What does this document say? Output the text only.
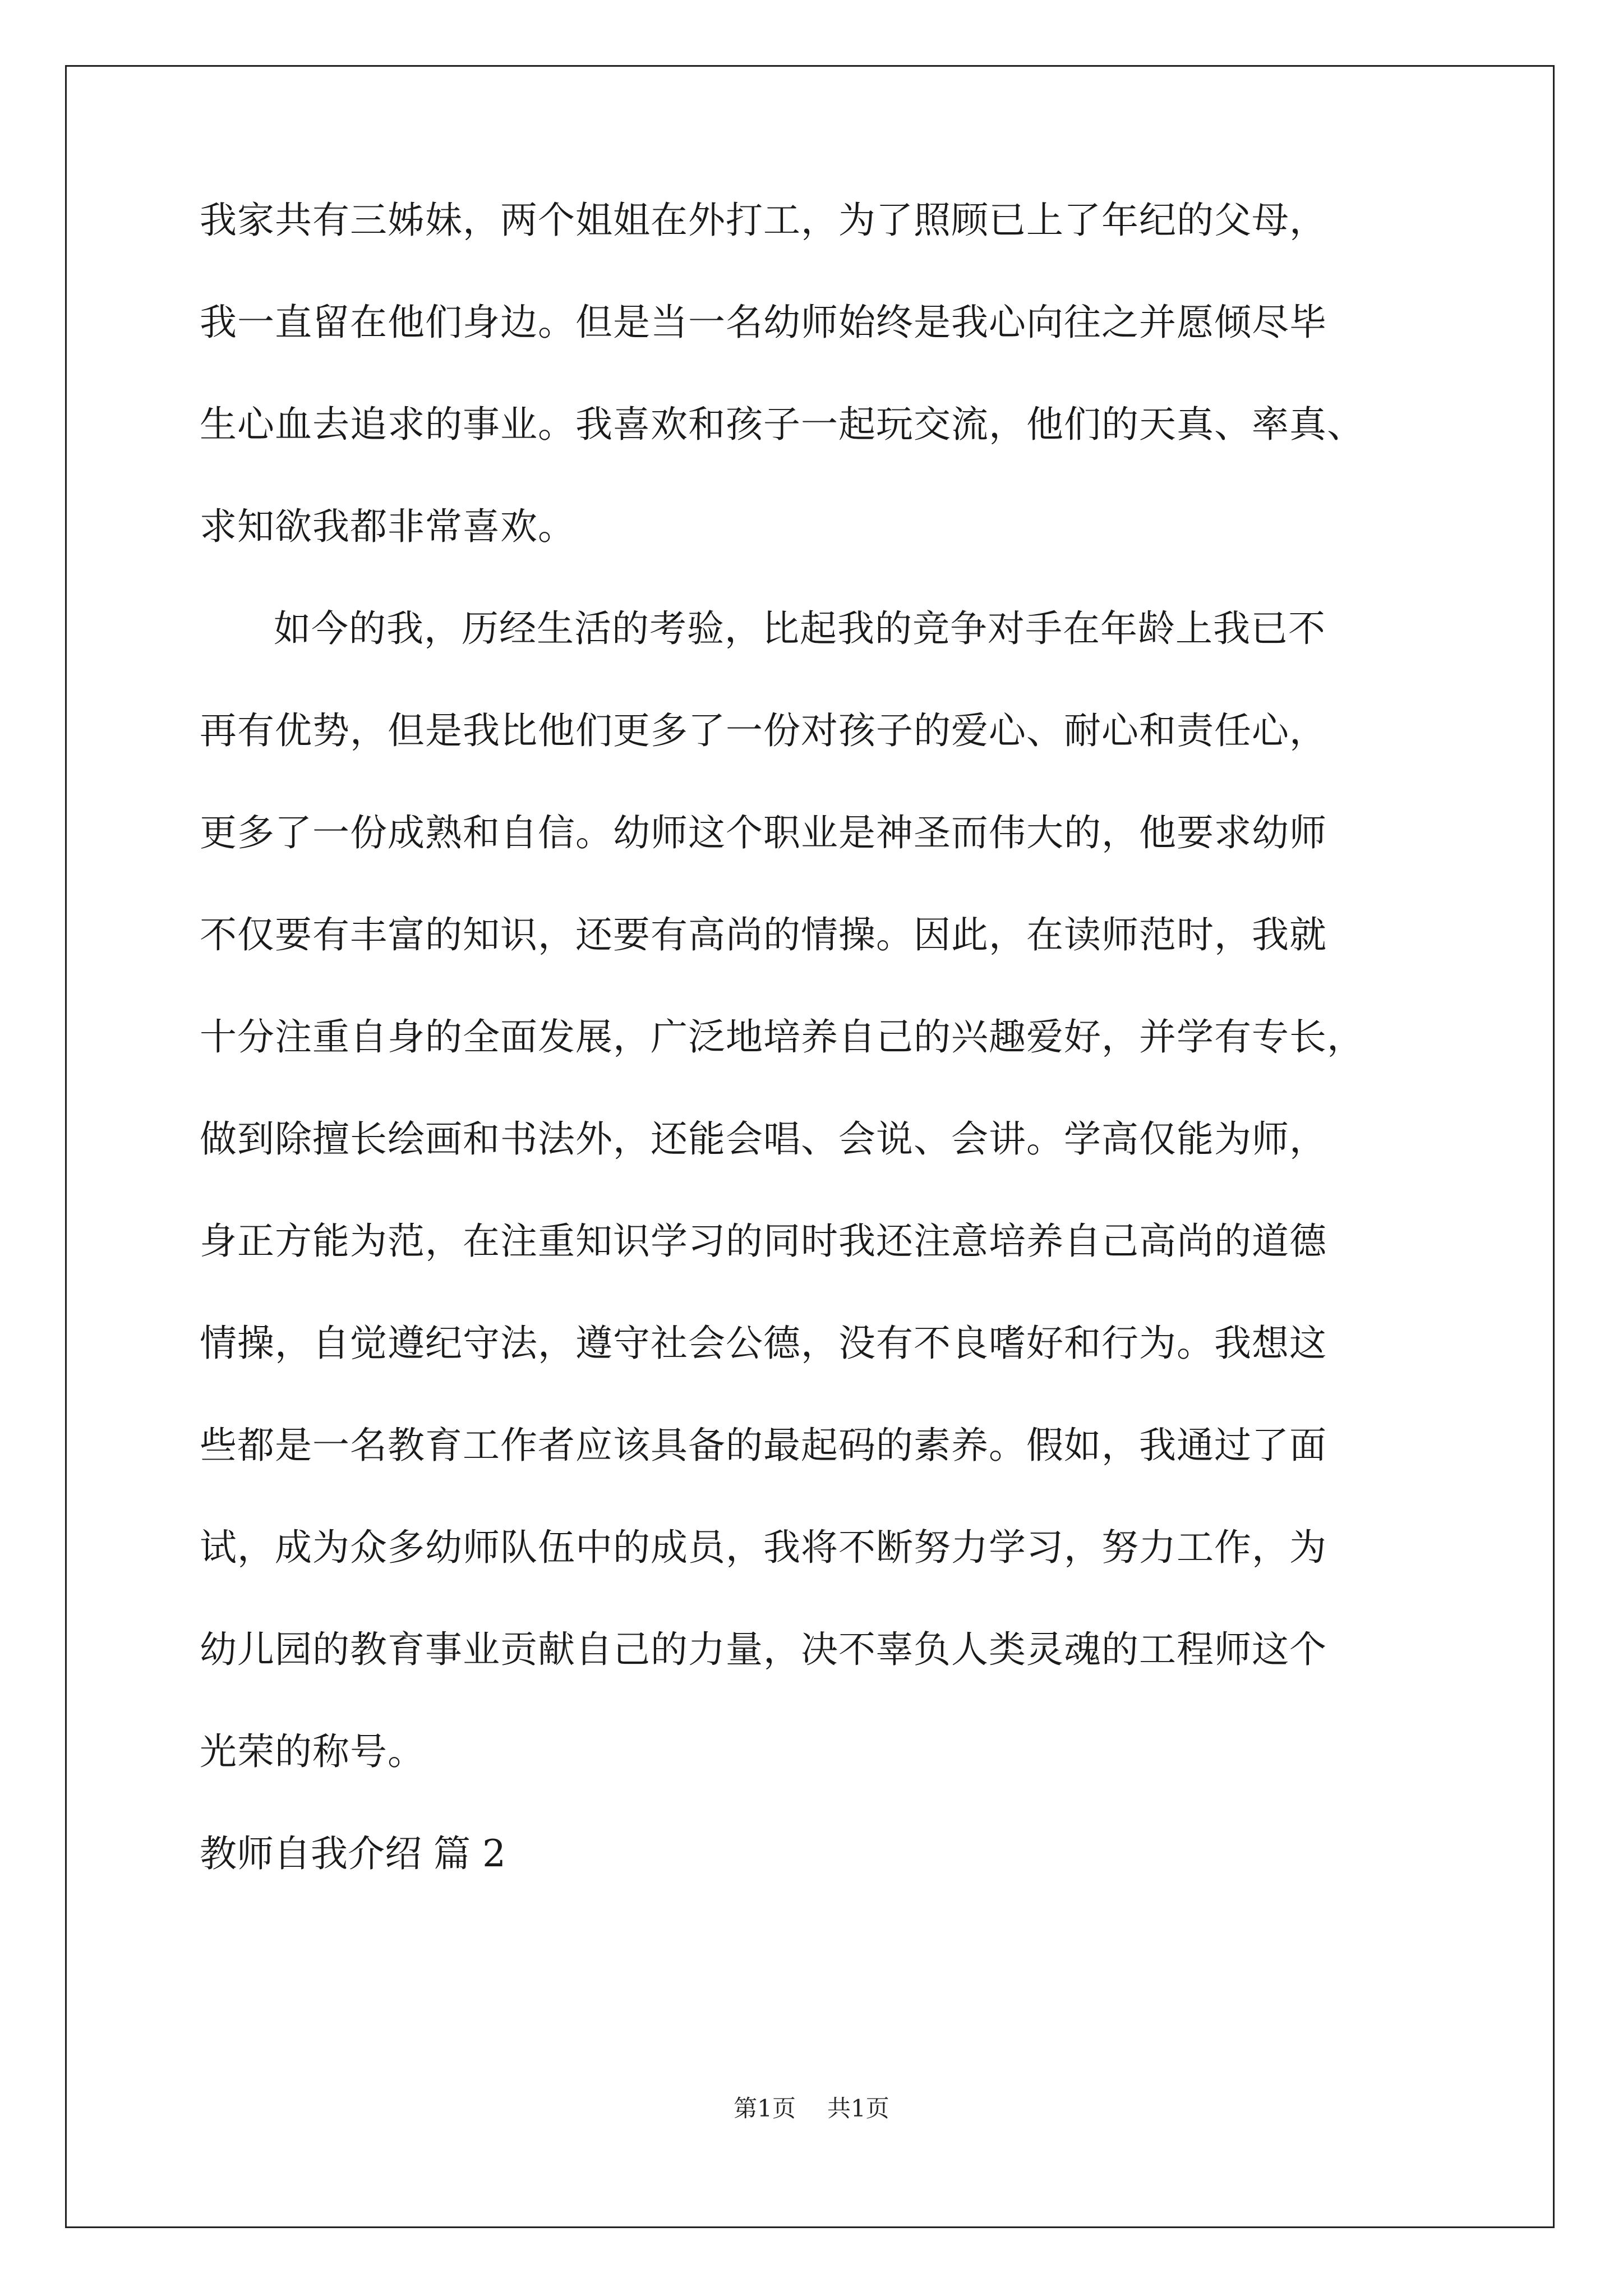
我家共有三姊妹，两个姐姐在外打工，为了照顾已上了年纪的父母，
我一直留在他们身边。但是当一名幼师始终是我心向往之并愿倾尽毕
生心血去追求的事业。我喜欢和孩子一起玩交流，他们的天真、率真、
求知欲我都非常喜欢。
如今的我，历经生活的考验，比起我的竞争对手在年龄上我已不
再有优势，但是我比他们更多了一份对孩子的爱心、耐心和责任心，
更多了一份成熟和自信。幼师这个职业是神圣而伟大的，他要求幼师
不仅要有丰富的知识，还要有高尚的情操。因此，在读师范时，我就
十分注重自身的全面发展，广泛地培养自己的兴趣爱好，并学有专长，
做到除擅长绘画和书法外，还能会唱、会说、会讲。学高仅能为师，
身正方能为范，在注重知识学习的同时我还注意培养自己高尚的道德
情操，自觉遵纪守法，遵守社会公德，没有不良嗜好和行为。我想这
些都是一名教育工作者应该具备的最起码的素养。假如，我通过了面
试，成为众多幼师队伍中的成员，我将不断努力学习，努力工作，为
幼儿园的教育事业贡献自己的力量，决不辜负人类灵魂的工程师这个
光荣的称号。
教师自我介绍 篇 2
第1页 共1页
